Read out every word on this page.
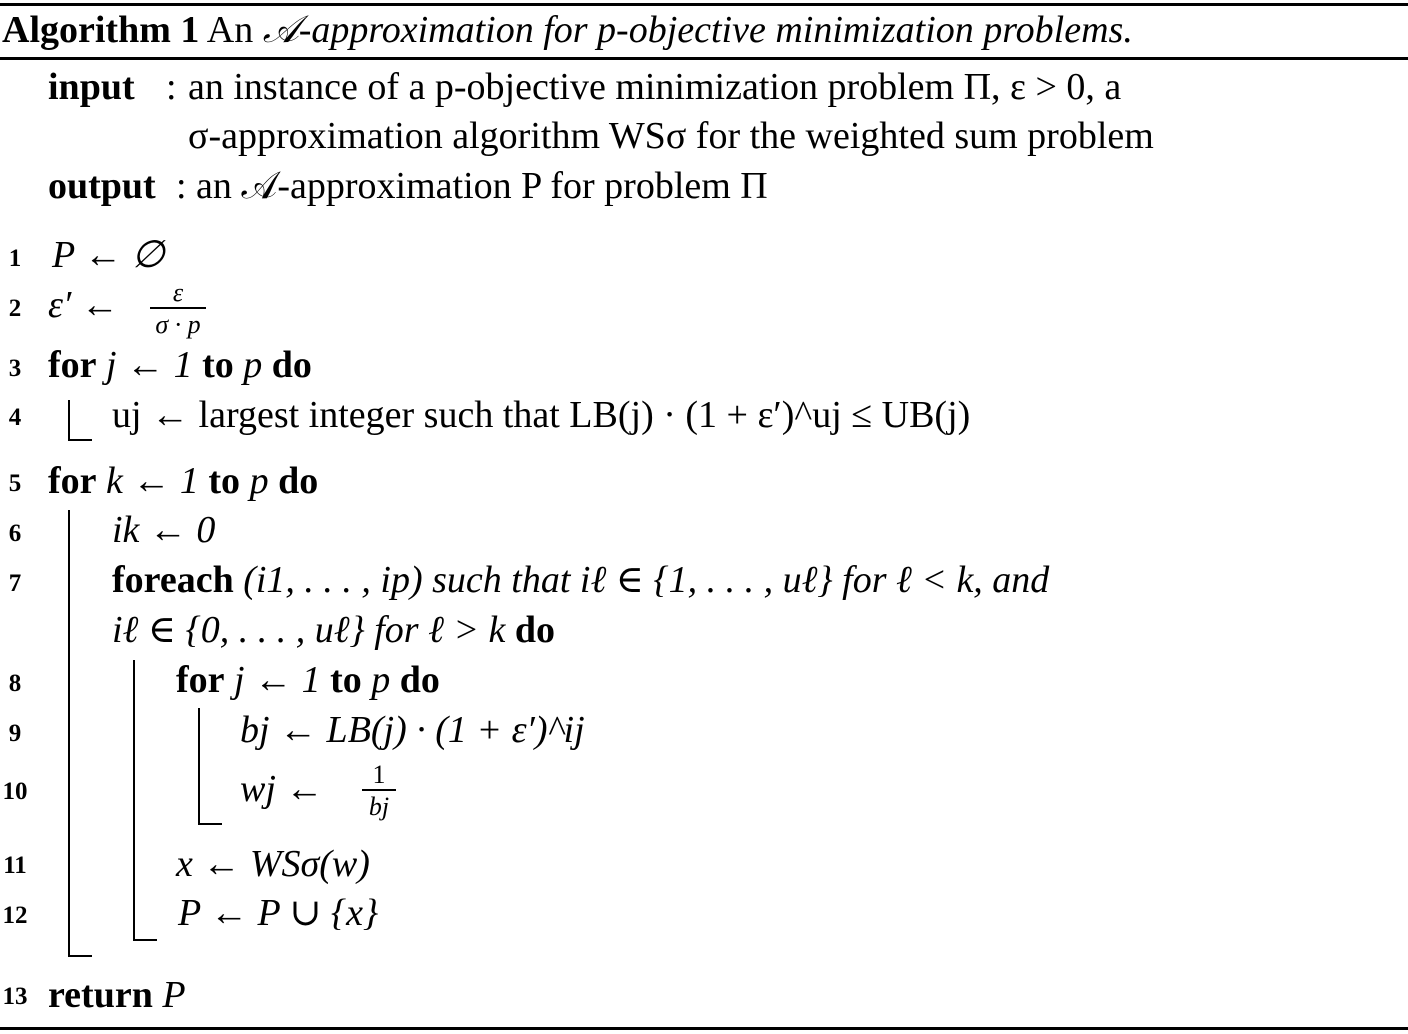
Algorithm 1 An 𝒜-approximation for p-objective minimization problems.
input : an instance of a p-objective minimization problem Π, ε > 0, a
σ-approximation algorithm WSσ for the weighted sum problem
output : an 𝒜-approximation P for problem Π
1
2
3
4
5
6
7
8
9
10
11
12
13
P ← ∅
ε′ ←	ε
σ · p
for j ← 1 to p do
uj ← largest integer such that LB(j) · (1 + ε′)^uj ≤ UB(j)
for k ← 1 to p do
ik ← 0
foreach (i1, . . . , ip) such that iℓ ∈ {1, . . . , uℓ} for ℓ < k, and
iℓ ∈ {0, . . . , uℓ} for ℓ > k do
for j ← 1 to p do
bj ← LB(j) · (1 + ε′)^ij
wj ←	1
bj
x ← WSσ(w)
P ← P ∪ {x}
return P
